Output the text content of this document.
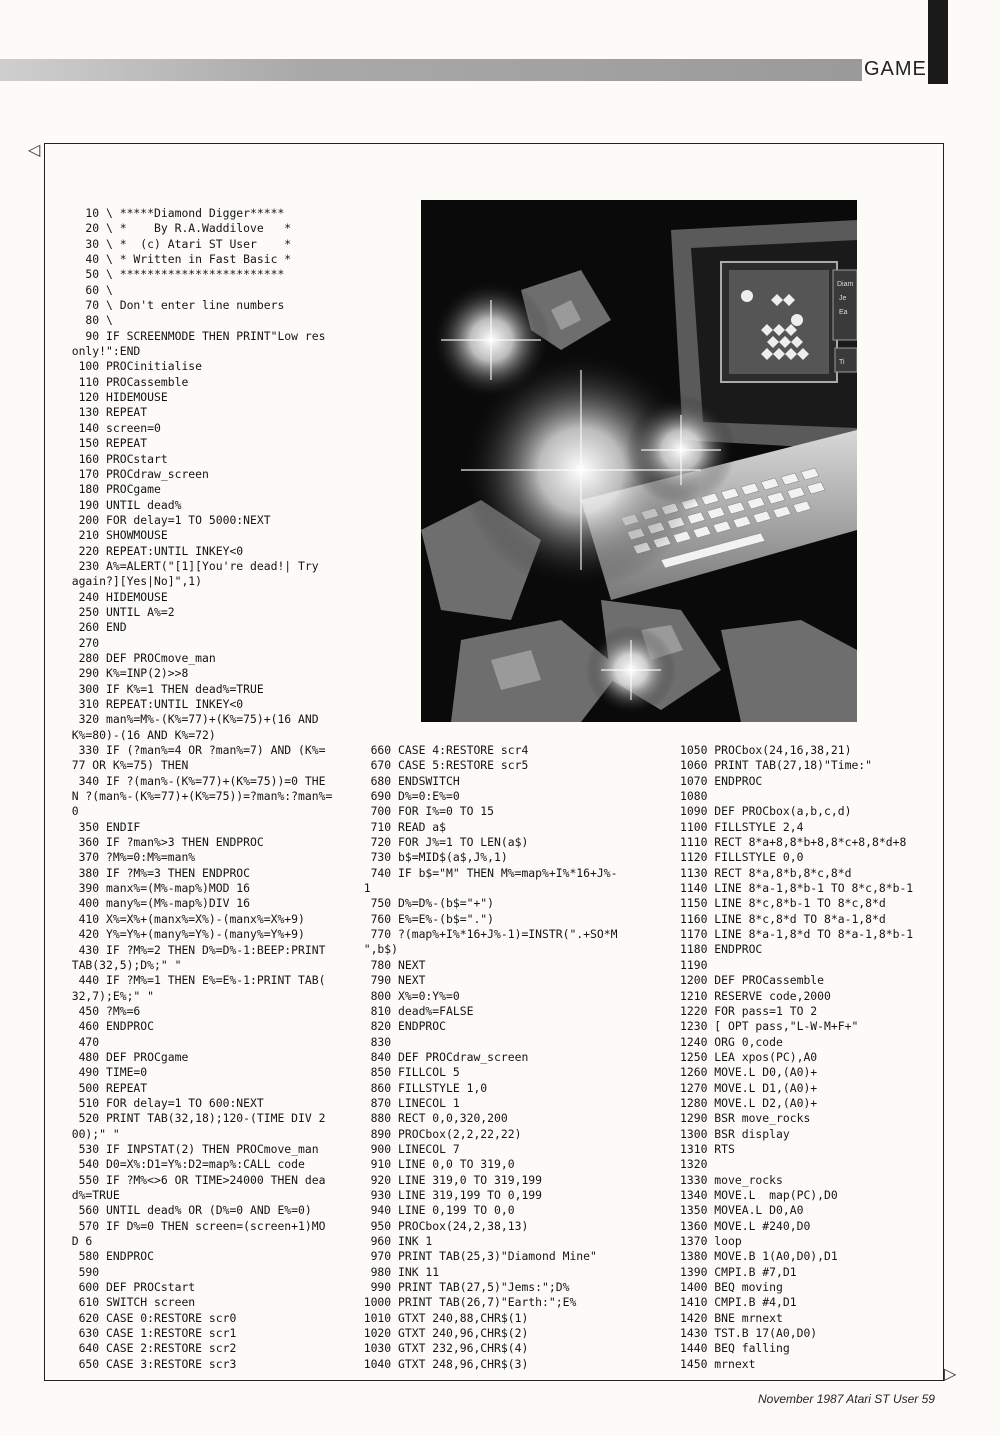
GAME
◁
▷
10 \ *****Diamond Digger*****
20 \ *    By R.A.Waddilove   *
30 \ *  (c) Atari ST User    *
40 \ * Written in Fast Basic *
50 \ ************************
60 \
70 \ Don't enter line numbers
80 \
90 IF SCREENMODE THEN PRINT"Low res
only!":END
100 PROCinitialise
110 PROCassemble
120 HIDEMOUSE
130 REPEAT
140 screen=0
150 REPEAT
160 PROCstart
170 PROCdraw_screen
180 PROCgame
190 UNTIL dead%
200 FOR delay=1 TO 5000:NEXT
210 SHOWMOUSE
220 REPEAT:UNTIL INKEY<0
230 A%=ALERT("[1][You're dead!| Try
again?][Yes|No]",1)
240 HIDEMOUSE
250 UNTIL A%=2
260 END
270
280 DEF PROCmove_man
290 K%=INP(2)>>8
300 IF K%=1 THEN dead%=TRUE
310 REPEAT:UNTIL INKEY<0
320 man%=M%-(K%=77)+(K%=75)+(16 AND
K%=80)-(16 AND K%=72)
330 IF (?man%=4 OR ?man%=7) AND (K%=
77 OR K%=75) THEN
340 IF ?(man%-(K%=77)+(K%=75))=0 THE
N ?(man%-(K%=77)+(K%=75))=?man%:?man%=
0
350 ENDIF
360 IF ?man%>3 THEN ENDPROC
370 ?M%=0:M%=man%
380 IF ?M%=3 THEN ENDPROC
390 manx%=(M%-map%)MOD 16
400 many%=(M%-map%)DIV 16
410 X%=X%+(manx%=X%)-(manx%=X%+9)
420 Y%=Y%+(many%=Y%)-(many%=Y%+9)
430 IF ?M%=2 THEN D%=D%-1:BEEP:PRINT
TAB(32,5);D%;" "
440 IF ?M%=1 THEN E%=E%-1:PRINT TAB(
32,7);E%;" "
450 ?M%=6
460 ENDPROC
470
480 DEF PROCgame
490 TIME=0
500 REPEAT
510 FOR delay=1 TO 600:NEXT
520 PRINT TAB(32,18);120-(TIME DIV 2
00);" "
530 IF INPSTAT(2) THEN PROCmove_man
540 D0=X%:D1=Y%:D2=map%:CALL code
550 IF ?M%<>6 OR TIME>24000 THEN dea
d%=TRUE
560 UNTIL dead% OR (D%=0 AND E%=0)
570 IF D%=0 THEN screen=(screen+1)MO
D 6
580 ENDPROC
590
600 DEF PROCstart
610 SWITCH screen
620 CASE 0:RESTORE scr0
630 CASE 1:RESTORE scr1
640 CASE 2:RESTORE scr2
650 CASE 3:RESTORE scr3
Diam
Je
Ea
Ti
660 CASE 4:RESTORE scr4
670 CASE 5:RESTORE scr5
680 ENDSWITCH
690 D%=0:E%=0
700 FOR I%=0 TO 15
710 READ a$
720 FOR J%=1 TO LEN(a$)
730 b$=MID$(a$,J%,1)
740 IF b$="M" THEN M%=map%+I%*16+J%-
1
750 D%=D%-(b$="+")
760 E%=E%-(b$=".")
770 ?(map%+I%*16+J%-1)=INSTR(".+SO*M
",b$)
780 NEXT
790 NEXT
800 X%=0:Y%=0
810 dead%=FALSE
820 ENDPROC
830
840 DEF PROCdraw_screen
850 FILLCOL 5
860 FILLSTYLE 1,0
870 LINECOL 1
880 RECT 0,0,320,200
890 PROCbox(2,2,22,22)
900 LINECOL 7
910 LINE 0,0 TO 319,0
920 LINE 319,0 TO 319,199
930 LINE 319,199 TO 0,199
940 LINE 0,199 TO 0,0
950 PROCbox(24,2,38,13)
960 INK 1
970 PRINT TAB(25,3)"Diamond Mine"
980 INK 11
990 PRINT TAB(27,5)"Jems:";D%
1000 PRINT TAB(26,7)"Earth:";E%
1010 GTXT 240,88,CHR$(1)
1020 GTXT 240,96,CHR$(2)
1030 GTXT 232,96,CHR$(4)
1040 GTXT 248,96,CHR$(3)
1050 PROCbox(24,16,38,21)
1060 PRINT TAB(27,18)"Time:"
1070 ENDPROC
1080
1090 DEF PROCbox(a,b,c,d)
1100 FILLSTYLE 2,4
1110 RECT 8*a+8,8*b+8,8*c+8,8*d+8
1120 FILLSTYLE 0,0
1130 RECT 8*a,8*b,8*c,8*d
1140 LINE 8*a-1,8*b-1 TO 8*c,8*b-1
1150 LINE 8*c,8*b-1 TO 8*c,8*d
1160 LINE 8*c,8*d TO 8*a-1,8*d
1170 LINE 8*a-1,8*d TO 8*a-1,8*b-1
1180 ENDPROC
1190
1200 DEF PROCassemble
1210 RESERVE code,2000
1220 FOR pass=1 TO 2
1230 [ OPT pass,"L-W-M+F+"
1240 ORG 0,code
1250 LEA xpos(PC),A0
1260 MOVE.L D0,(A0)+
1270 MOVE.L D1,(A0)+
1280 MOVE.L D2,(A0)+
1290 BSR move_rocks
1300 BSR display
1310 RTS
1320
1330 move_rocks
1340 MOVE.L  map(PC),D0
1350 MOVEA.L D0,A0
1360 MOVE.L #240,D0
1370 loop
1380 MOVE.B 1(A0,D0),D1
1390 CMPI.B #7,D1
1400 BEQ moving
1410 CMPI.B #4,D1
1420 BNE mrnext
1430 TST.B 17(A0,D0)
1440 BEQ falling
1450 mrnext
November 1987 Atari ST User 59
